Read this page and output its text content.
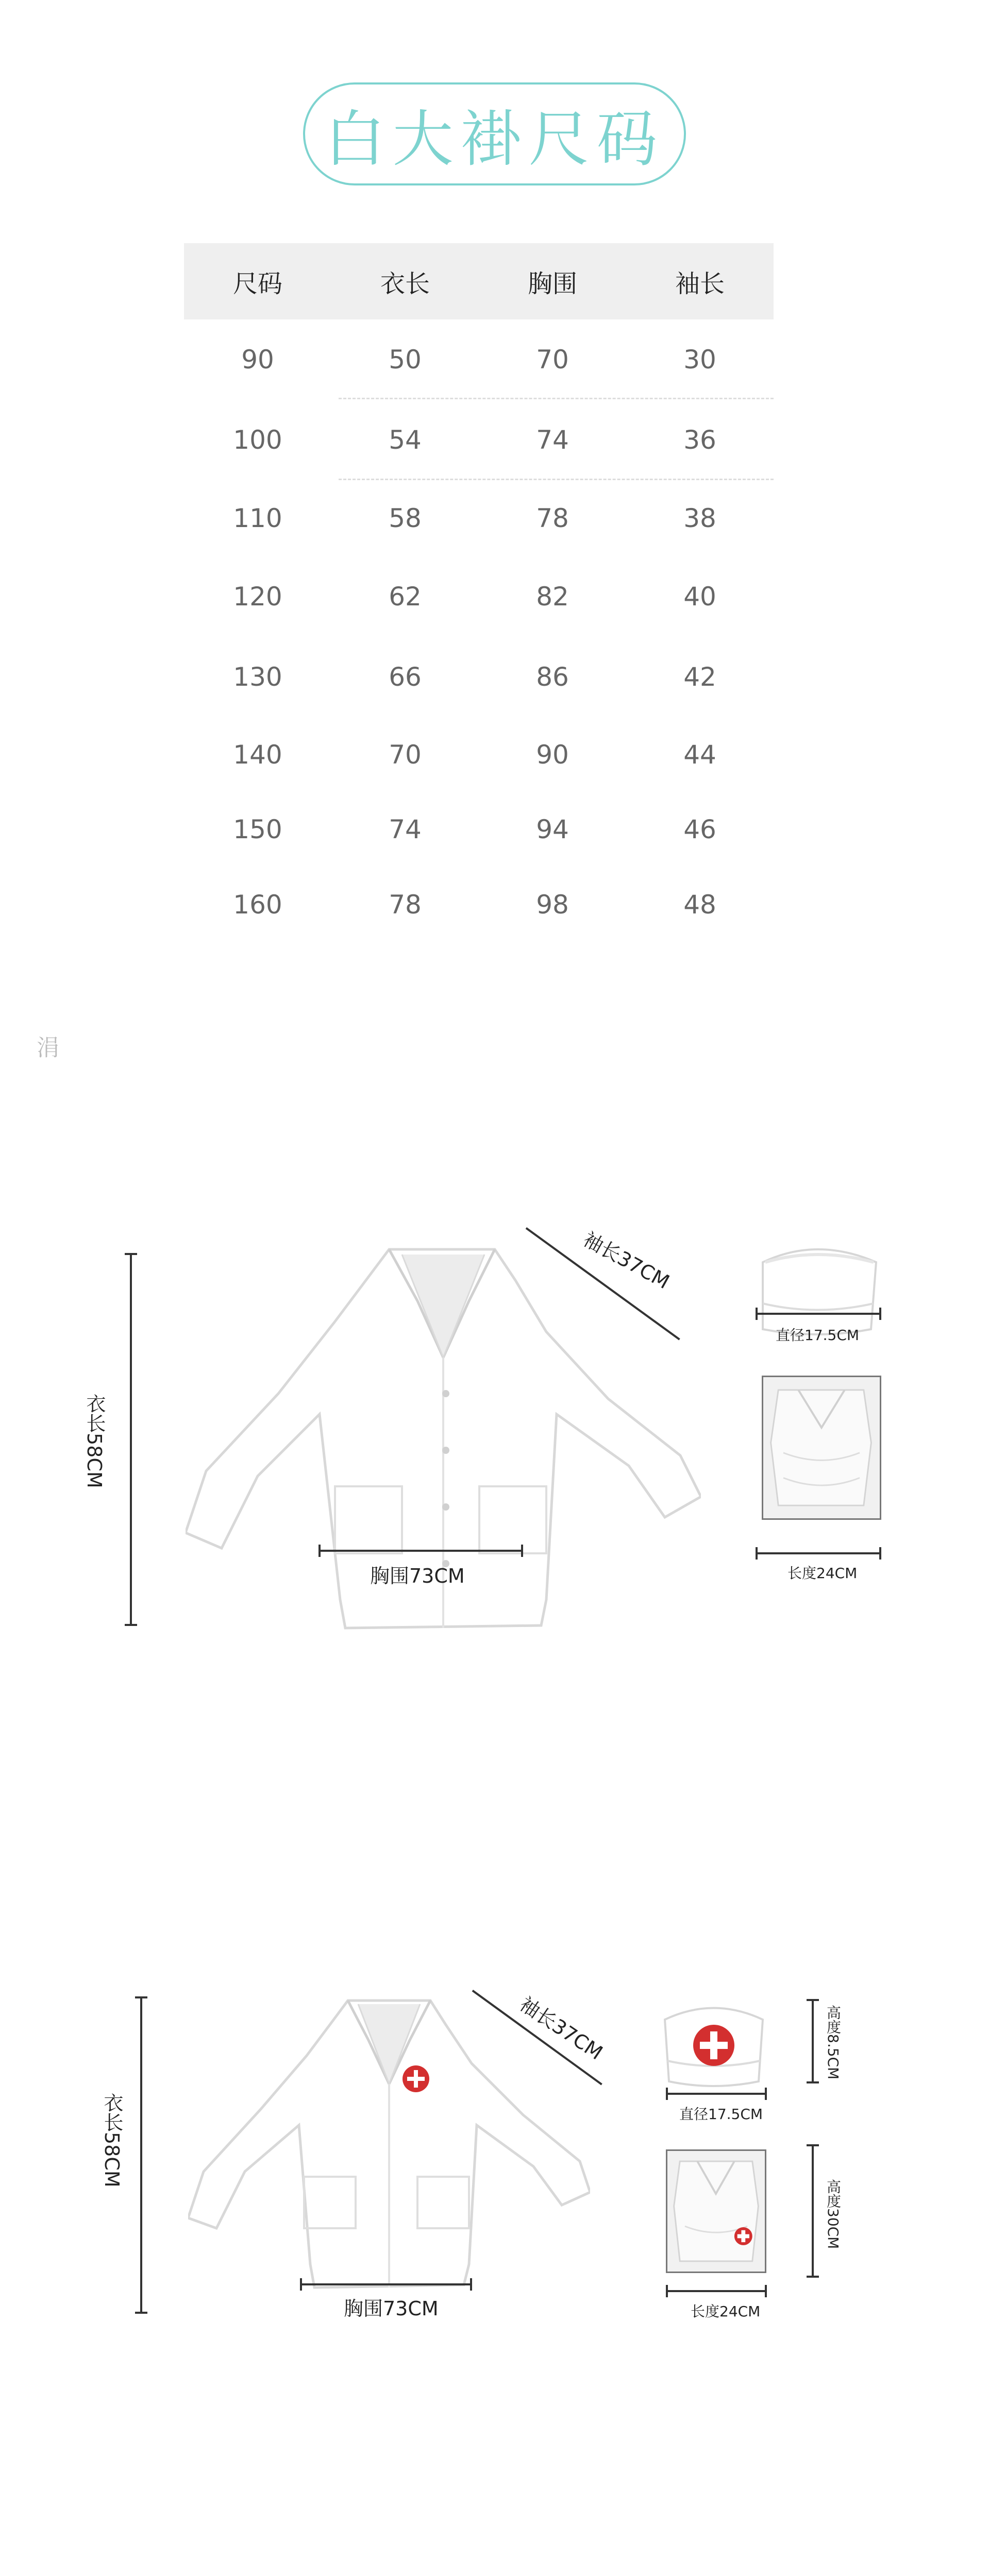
白大褂尺码
尺码	衣长	胸围	袖长
90	50	70	30
100	54	74	36
110	58	78	38
120	62	82	40
130	66	86	42
140	70	90	44
150	74	94	46
160	78	98	48
涓
衣长58CM
胸围73CM
袖长37CM
直径17.5CM
长度24CM
衣长58CM
胸围73CM
袖长37CM
直径17.5CM
高度8.5CM
长度24CM
高度30CM
